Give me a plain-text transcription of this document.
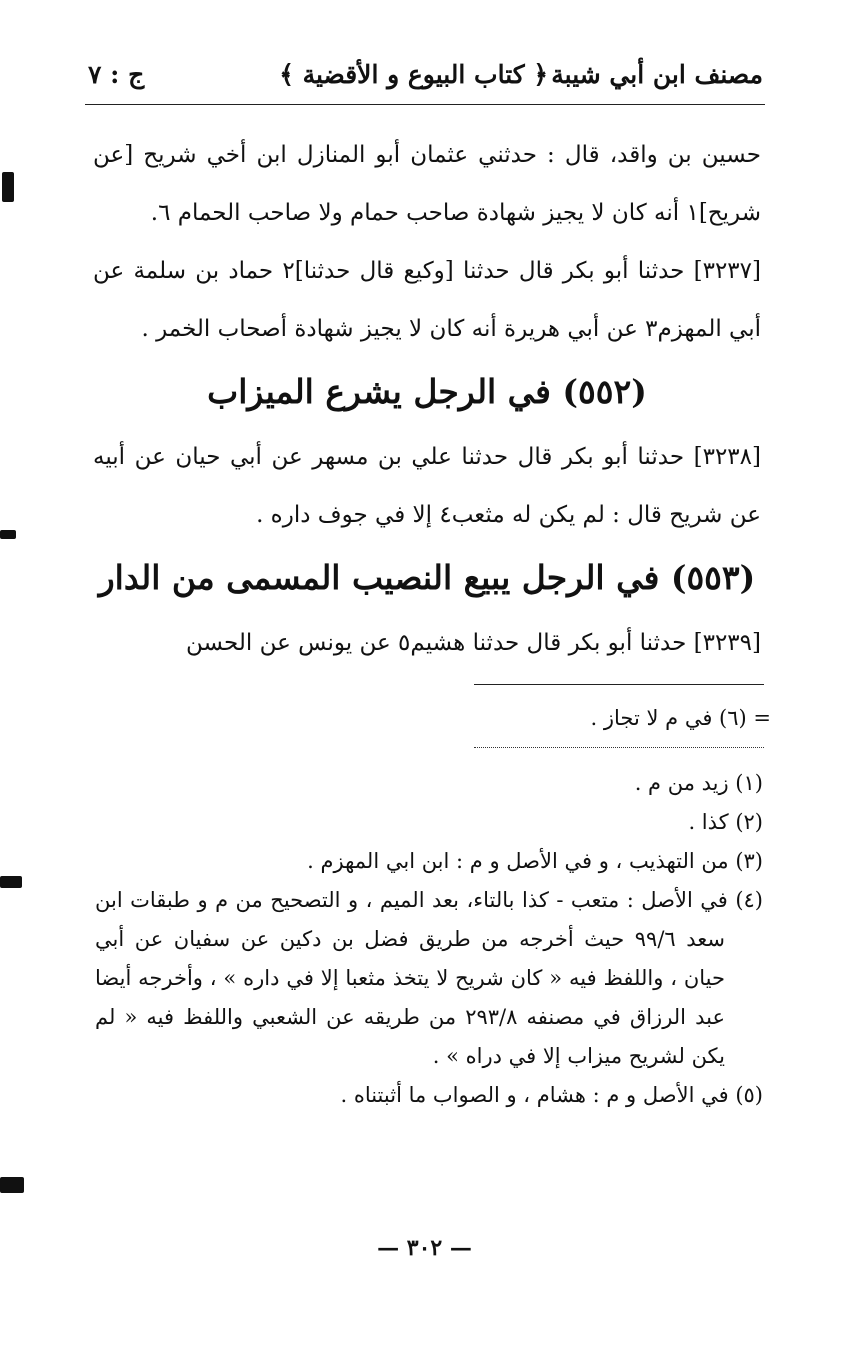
مصنف ابن أبي شيبة
﴿ كتاب البيوع و الأقضية ﴾
ج : ٧

حسين بن واقد، قال : حدثني عثمان أبو المنازل ابن أخي شريح [عن شريح]١ أنه كان لا يجيز شهادة صاحب حمام ولا صاحب الحمام ٦.

[٣٢٣٧] حدثنا أبو بكر قال حدثنا [وكيع قال حدثنا]٢ حماد بن سلمة عن أبي المهزم٣ عن أبي هريرة أنه كان لا يجيز شهادة أصحاب الخمر .

(٥٥٢) في الرجل يشرع الميزاب

[٣٢٣٨] حدثنا أبو بكر قال حدثنا علي بن مسهر عن أبي حيان عن أبيه عن شريح قال : لم يكن له مثعب٤ إلا في جوف داره .

(٥٥٣) في الرجل يبيع النصيب المسمى من الدار

[٣٢٣٩] حدثنا أبو بكر قال حدثنا هشيم٥ عن يونس عن الحسن

= (٦) في م لا تجاز .

(١) زيد من م .

(٢) كذا .

(٣) من التهذيب ، و في الأصل و م : ابن ابي المهزم .

(٤) في الأصل : متعب - كذا بالتاء، بعد الميم ، و التصحيح من م و طبقات ابن سعد ٩٩/٦ حيث أخرجه من طريق فضل بن دكين عن سفيان عن أبي حيان ، واللفظ فيه « كان شريح لا يتخذ مثعبا إلا في داره » ، وأخرجه أيضا عبد الرزاق في مصنفه ٢٩٣/٨ من طريقه عن الشعبي واللفظ فيه « لم يكن لشريح ميزاب إلا في دراه » .

(٥) في الأصل و م : هشام ، و الصواب ما أثبتناه .

— ٣٠٢ —
